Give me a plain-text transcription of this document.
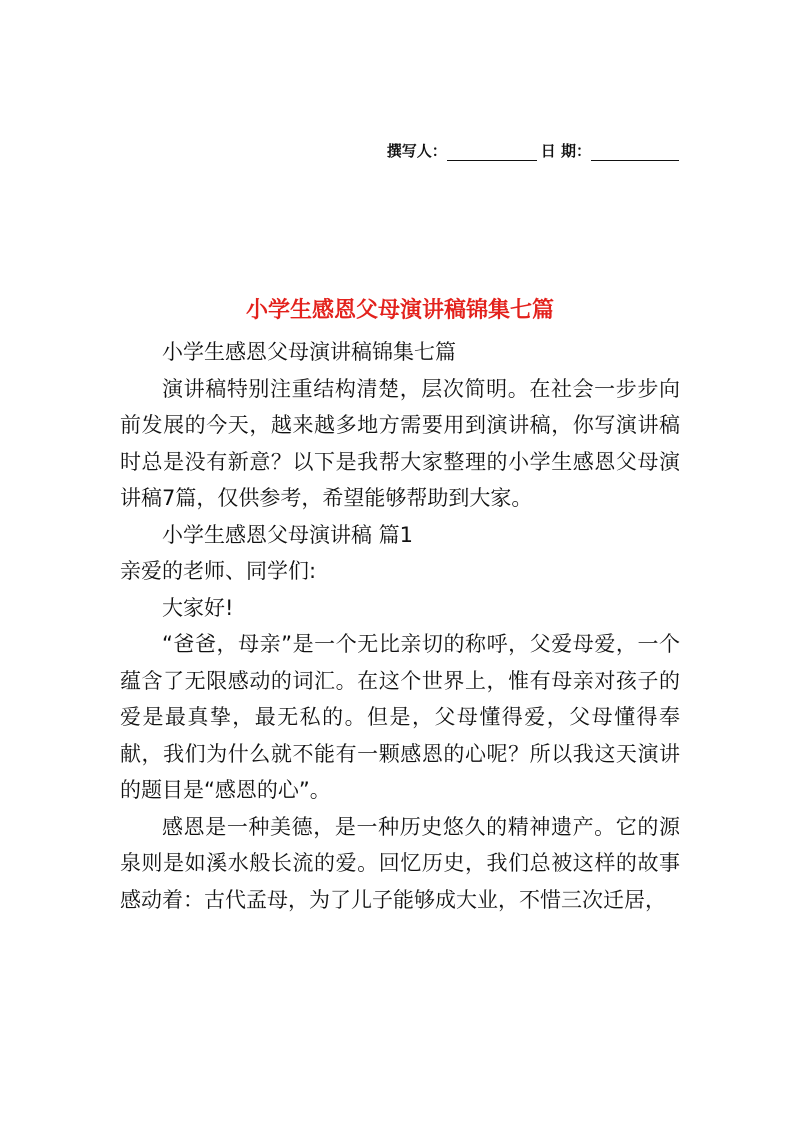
撰写人：	日 期：
小学生感恩父母演讲稿锦集七篇

小学生感恩父母演讲稿锦集七篇

演讲稿特别注重结构清楚，层次简明。在社会一步步向前发展的今天，越来越多地方需要用到演讲稿，你写演讲稿时总是没有新意？以下是我帮大家整理的小学生感恩父母演讲稿7篇，仅供参考，希望能够帮助到大家。

小学生感恩父母演讲稿 篇1

亲爱的老师、同学们:

大家好!

“爸爸，母亲”是一个无比亲切的称呼，父爱母爱，一个蕴含了无限感动的词汇。在这个世界上，惟有母亲对孩子的爱是最真挚，最无私的。但是，父母懂得爱，父母懂得奉献，我们为什么就不能有一颗感恩的心呢？所以我这天演讲的题目是“感恩的心”。

感恩是一种美德，是一种历史悠久的精神遗产。它的源泉则是如溪水般长流的爱。回忆历史，我们总被这样的故事感动着：古代孟母，为了儿子能够成大业，不惜三次迁居，
